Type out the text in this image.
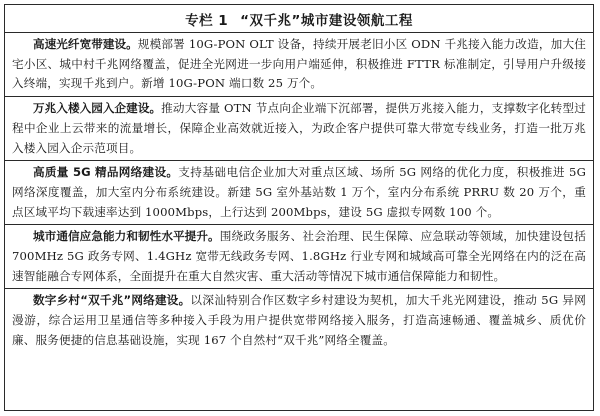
专栏 1 “双千兆”城市建设领航工程
高速光纤宽带建设。规模部署 10G-PON OLT 设备，持续开展老旧小区 ODN 千兆接入能力改造，加大住宅小区、城中村千兆网络覆盖，促进全光网进一步向用户端延伸，积极推进 FTTR 标准制定，引导用户升级接入终端，实现千兆到户。新增 10G-PON 端口数 25 万个。
万兆入楼入园入企建设。推动大容量 OTN 节点向企业端下沉部署，提供万兆接入能力，支撑数字化转型过程中企业上云带来的流量增长，保障企业高效就近接入，为政企客户提供可靠大带宽专线业务，打造一批万兆入楼入园入企示范项目。
高质量 5G 精品网络建设。支持基础电信企业加大对重点区域、场所 5G 网络的优化力度，积极推进 5G 网络深度覆盖，加大室内分布系统建设。新建 5G 室外基站数 1 万个，室内分布系统 PRRU 数 20 万个，重点区域平均下载速率达到 1000Mbps，上行达到 200Mbps，建设 5G 虚拟专网数 100 个。
城市通信应急能力和韧性水平提升。围绕政务服务、社会治理、民生保障、应急联动等领域，加快建设包括 700MHz 5G 政务专网、1.4GHz 宽带无线政务专网、1.8GHz 行业专网和城域高可靠全光网络在内的泛在高速智能融合专网体系，全面提升在重大自然灾害、重大活动等情况下城市通信保障能力和韧性。
数字乡村“双千兆”网络建设。以深汕特别合作区数字乡村建设为契机，加大千兆光网建设，推动 5G 异网漫游，综合运用卫星通信等多种接入手段为用户提供宽带网络接入服务，打造高速畅通、覆盖城乡、质优价廉、服务便捷的信息基础设施，实现 167 个自然村“双千兆”网络全覆盖。
